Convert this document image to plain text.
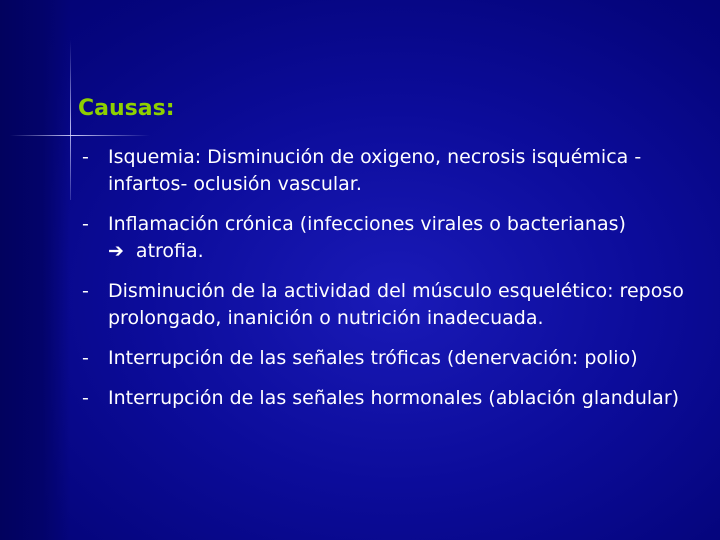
Causas:
-	Isquemia: Disminución de oxigeno, necrosis isquémica - infartos- oclusión vascular.
-	Inflamación crónica (infecciones virales o bacterianas)
➔ atrofia.
-	Disminución de la actividad del músculo esquelético: reposo prolongado, inanición o nutrición inadecuada.
-	Interrupción de las señales tróficas (denervación: polio)
-	Interrupción de las señales hormonales (ablación glandular)
